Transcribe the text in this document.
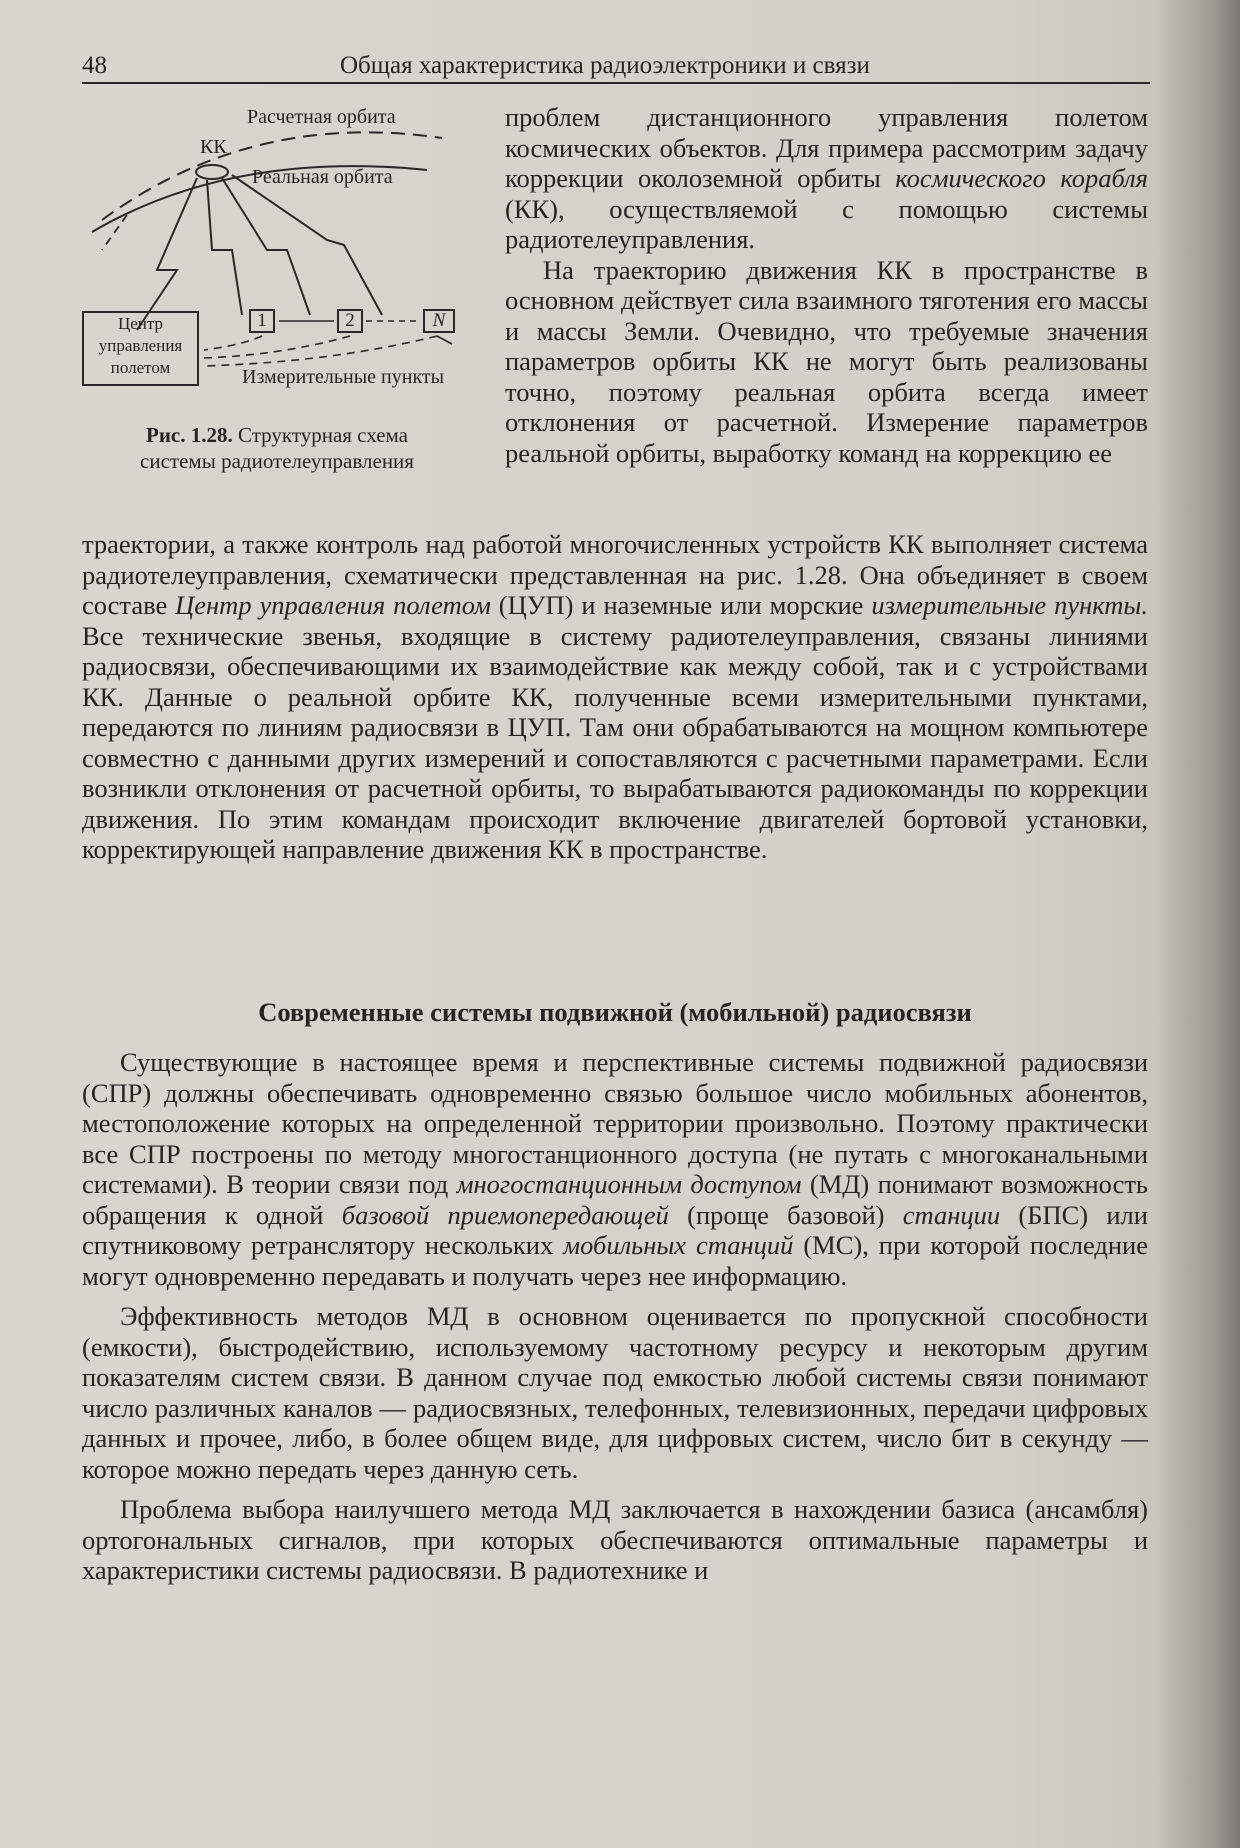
48	Общая характеристика радиоэлектроники и связи
Расчетная орбита
КК
Реальная орбита
Центр
управления
полетом
1	2	N
Измерительные пункты
Рис. 1.28. Структурная схема
системы радиотелеуправления

проблем дистанционного управления полетом космических объектов. Для примера рассмотрим задачу коррекции околоземной орбиты космического корабля (КК), осуществляемой с помощью системы радиотелеуправления.

На траекторию движения КК в пространстве в основном действует сила взаимного тяготения его массы и массы Земли. Очевидно, что требуемые значения параметров орбиты КК не могут быть реализованы точно, поэтому реальная орбита всегда имеет отклонения от расчетной. Измерение параметров реальной орбиты, выработку команд на коррекцию ее

траектории, а также контроль над работой многочисленных устройств КК выполняет система радиотелеуправления, схематически представленная на рис. 1.28. Она объединяет в своем составе Центр управления полетом (ЦУП) и наземные или морские измерительные пункты. Все технические звенья, входящие в систему радиотелеуправления, связаны линиями радиосвязи, обеспечивающими их взаимодействие как между собой, так и с устройствами КК. Данные о реальной орбите КК, полученные всеми измерительными пунктами, передаются по линиям радиосвязи в ЦУП. Там они обрабатываются на мощном компьютере совместно с данными других измерений и сопоставляются с расчетными параметрами. Если возникли отклонения от расчетной орбиты, то вырабатываются радиокоманды по коррекции движения. По этим командам происходит включение двигателей бортовой установки, корректирующей направление движения КК в пространстве.

Современные системы подвижной (мобильной) радиосвязи

Существующие в настоящее время и перспективные системы подвижной радиосвязи (СПР) должны обеспечивать одновременно связью большое число мобильных абонентов, местоположение которых на определенной территории произвольно. Поэтому практически все СПР построены по методу многостанционного доступа (не путать с многоканальными системами). В теории связи под многостанционным доступом (МД) понимают возможность обращения к одной базовой приемопередающей (проще базовой) станции (БПС) или спутниковому ретранслятору нескольких мобильных станций (МС), при которой последние могут одновременно передавать и получать через нее информацию.

Эффективность методов МД в основном оценивается по пропускной способности (емкости), быстродействию, используемому частотному ресурсу и некоторым другим показателям систем связи. В данном случае под емкостью любой системы связи понимают число различных каналов — радиосвязных, телефонных, телевизионных, передачи цифровых данных и прочее, либо, в более общем виде, для цифровых систем, число бит в секунду — которое можно передать через данную сеть.

Проблема выбора наилучшего метода МД заключается в нахождении базиса (ансамбля) ортогональных сигналов, при которых обеспечиваются оптимальные параметры и характеристики системы радиосвязи. В радиотехнике и
